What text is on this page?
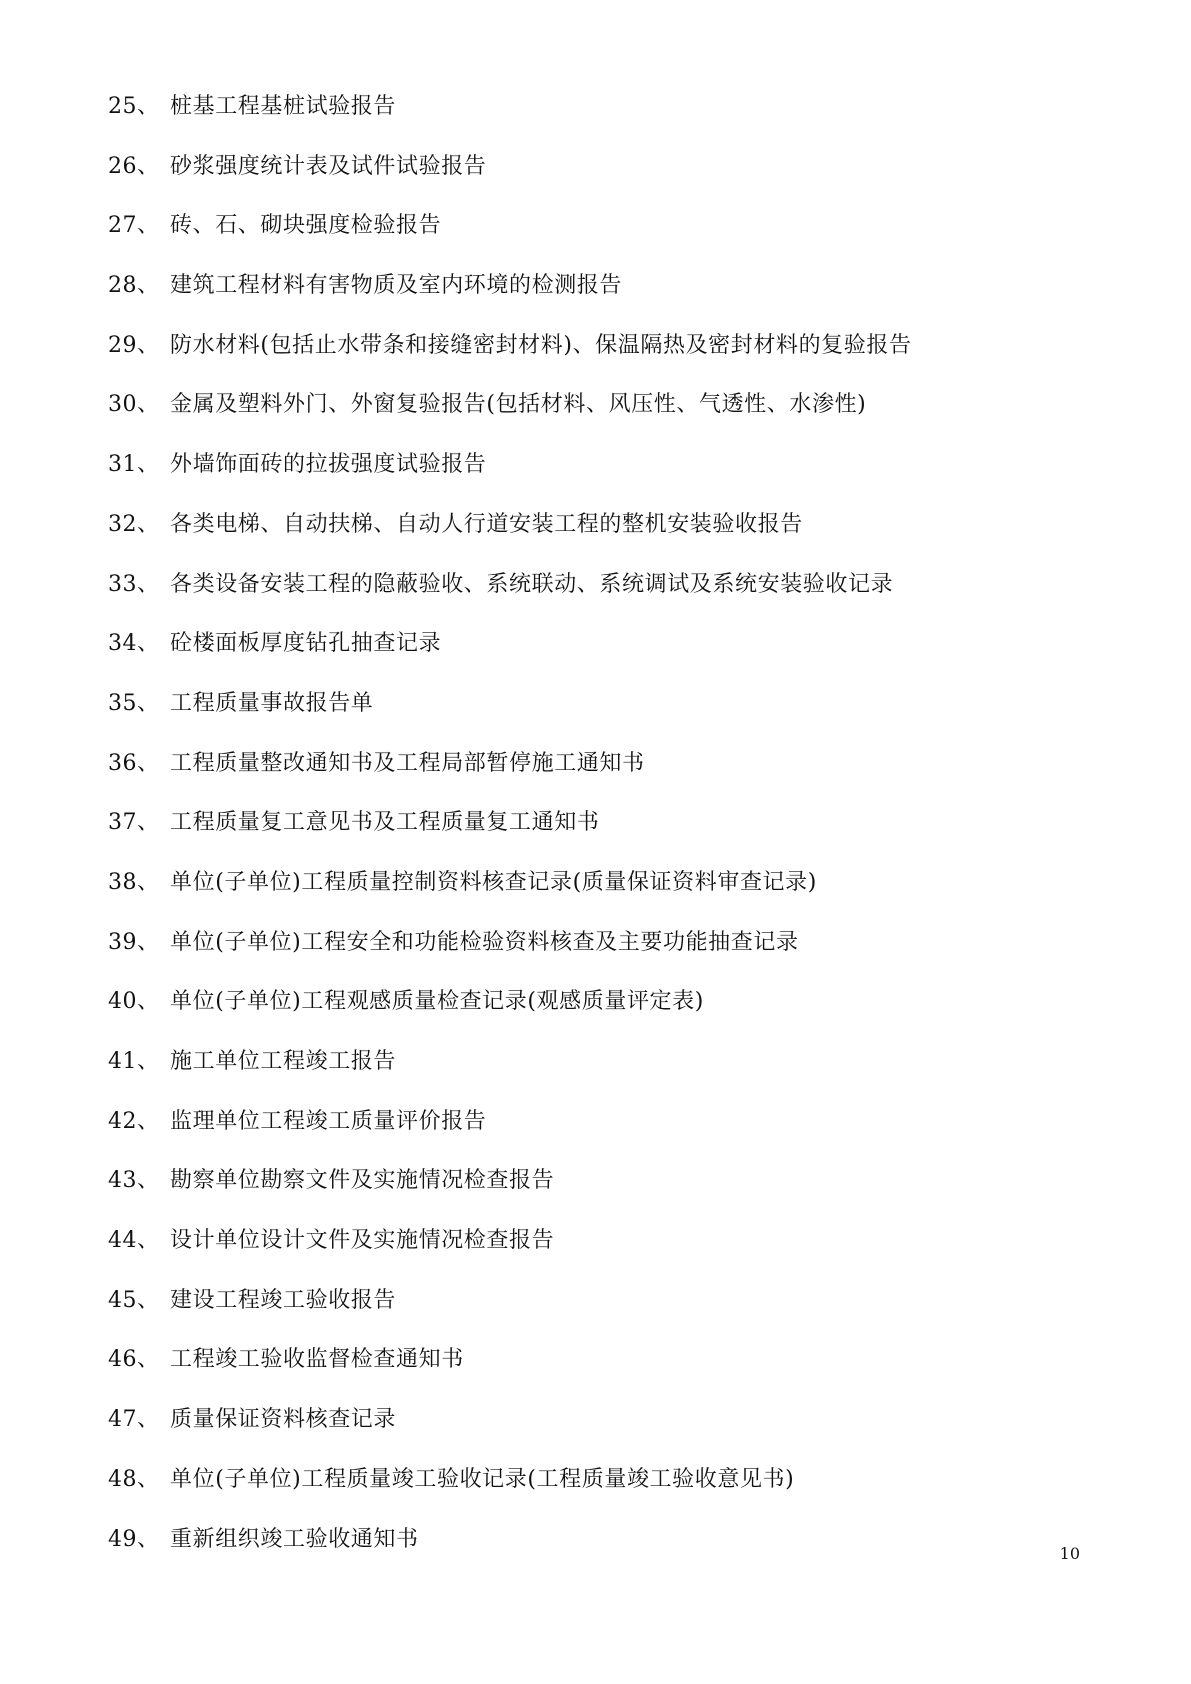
25、 桩基工程基桩试验报告
26、 砂浆强度统计表及试件试验报告
27、 砖、石、砌块强度检验报告
28、 建筑工程材料有害物质及室内环境的检测报告
29、 防水材料(包括止水带条和接缝密封材料)、保温隔热及密封材料的复验报告
30、 金属及塑料外门、外窗复验报告(包括材料、风压性、气透性、水渗性)
31、 外墙饰面砖的拉拔强度试验报告
32、 各类电梯、自动扶梯、自动人行道安装工程的整机安装验收报告
33、 各类设备安装工程的隐蔽验收、系统联动、系统调试及系统安装验收记录
34、 砼楼面板厚度钻孔抽查记录
35、 工程质量事故报告单
36、 工程质量整改通知书及工程局部暂停施工通知书
37、 工程质量复工意见书及工程质量复工通知书
38、 单位(子单位)工程质量控制资料核查记录(质量保证资料审查记录)
39、 单位(子单位)工程安全和功能检验资料核查及主要功能抽查记录
40、 单位(子单位)工程观感质量检查记录(观感质量评定表)
41、 施工单位工程竣工报告
42、 监理单位工程竣工质量评价报告
43、 勘察单位勘察文件及实施情况检查报告
44、 设计单位设计文件及实施情况检查报告
45、 建设工程竣工验收报告
46、 工程竣工验收监督检查通知书
47、 质量保证资料核查记录
48、 单位(子单位)工程质量竣工验收记录(工程质量竣工验收意见书)
49、 重新组织竣工验收通知书
10
